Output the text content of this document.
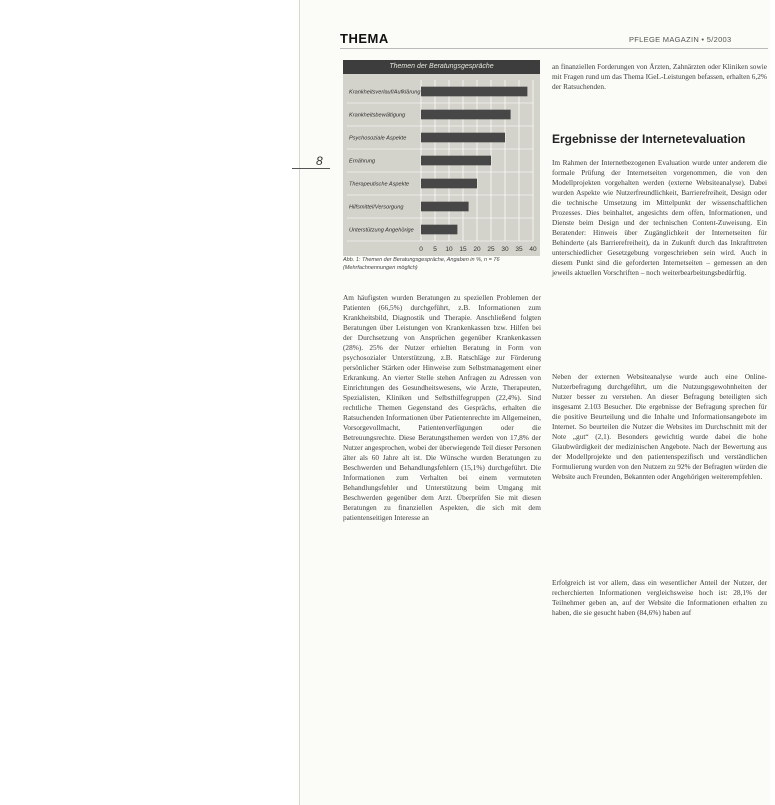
8
THEMA	PFLEGE MAGAZIN • 5/2003
0 5 10 15 20 25 30 35 40
Krankheitsverlauf/Aufklärung
Krankheitsbewältigung
Psychosoziale Aspekte
Ernährung
Therapeutische Aspekte
Hilfsmittel/Versorgung
Unterstützung Angehörige
Themen der Beratungsgespräche
Abb. 1: Themen der Beratungsgespräche, Angaben in %, n = 76 (Mehrfachnennungen möglich)

Am häufigsten wurden Beratungen zu speziellen Problemen der Patienten (66,5%) durchgeführt, z.B. Informationen zum Krankheitsbild, Diagnostik und Therapie. Anschließend folgten Beratungen über Leistungen von Krankenkassen bzw. Hilfen bei der Durchsetzung von Ansprüchen gegenüber Krankenkassen (28%). 25% der Nutzer erhielten Beratung in Form von psychosozialer Unterstützung, z.B. Ratschläge zur Förderung persönlicher Stärken oder Hinweise zum Selbstmanagement einer Erkrankung. An vierter Stelle stehen Anfragen zu Adressen von Einrichtungen des Gesundheitswesens, wie Ärzte, Therapeuten, Spezialisten, Kliniken und Selbsthilfegruppen (22,4%). Sind rechtliche Themen Gegenstand des Gesprächs, erhalten die Ratsuchenden Informationen über Patientenrechte im Allgemeinen, Vorsorgevollmacht, Patientenverfügungen oder die Betreuungsrechte. Diese Beratungsthemen werden von 17,8% der Nutzer angesprochen, wobei der überwiegende Teil dieser Personen älter als 60 Jahre alt ist. Die Wünsche wurden Beratungen zu Beschwerden und Behandlungsfehlern (15,1%) durchgeführt. Die Informationen zum Verhalten bei einem vermuteten Behandlungsfehler und Unterstützung beim Umgang mit Beschwerden gegenüber dem Arzt. Überprüfen Sie mit diesen Beratungen zu finanziellen Aspekten, die sich mit dem patientenseitigen Interesse an

an finanziellen Forderungen von Ärzten, Zahnärzten oder Kliniken sowie mit Fragen rund um das Thema IGeL-Leistungen befassen, erhalten 6,2% der Ratsuchenden.

Ergebnisse der Internetevaluation

Im Rahmen der Internetbezogenen Evaluation wurde unter anderem die formale Prüfung der Internetseiten vorgenommen, die von den Modellprojekten vorgehalten werden (externe Websiteanalyse). Dabei wurden Aspekte wie Nutzerfreundlichkeit, Barrierefreiheit, Design oder die technische Umsetzung im Mittelpunkt der wissenschaftlichen Prozesses. Dies beinhaltet, angesichts dem offen, Informationen, und Dienste beim Design und der technischen Content-Zuweisung. Ein Beratender: Hinweis über Zugänglichkeit der Internetseiten für Behinderte (als Barrierefreiheit), da in Zukunft durch das Inkrafttreten unterschiedlicher Gesetzgebung vorgeschrieben sein wird. Auch in diesem Punkt sind die geforderten Internetseiten – gemessen an den jeweils aktuellen Vorschriften – noch weiterbearbeitungsbedürftig.

Neben der externen Websiteanalyse wurde auch eine Online-Nutzerbefragung durchgeführt, um die Nutzungsgewohnheiten der Nutzer besser zu verstehen. An dieser Befragung beteiligten sich insgesamt 2.103 Besucher. Die ergebnisse der Befragung sprechen für die positive Beurteilung und die Inhalte und Informationsangebote im Internet. So beurteilen die Nutzer die Websites im Durchschnitt mit der Note „gut“ (2,1). Besonders gewichtig wurde dabei die hohe Glaubwürdigkeit der medizinischen Angebote. Nach der Bewertung aus der Modellprojekte und den patientenspezifisch und verständlichen Formulierung wurden von den Nutzern zu 92% der Befragten würden die Website auch Freunden, Bekannten oder Angehörigen weiterempfehlen.

Erfolgreich ist vor allem, dass ein wesentlicher Anteil der Nutzer, der recherchierten Informationen vergleichsweise hoch ist: 28,1% der Teilnehmer geben an, auf der Website die Informationen erhalten zu haben, die sie gesucht haben (84,6%) haben auf
